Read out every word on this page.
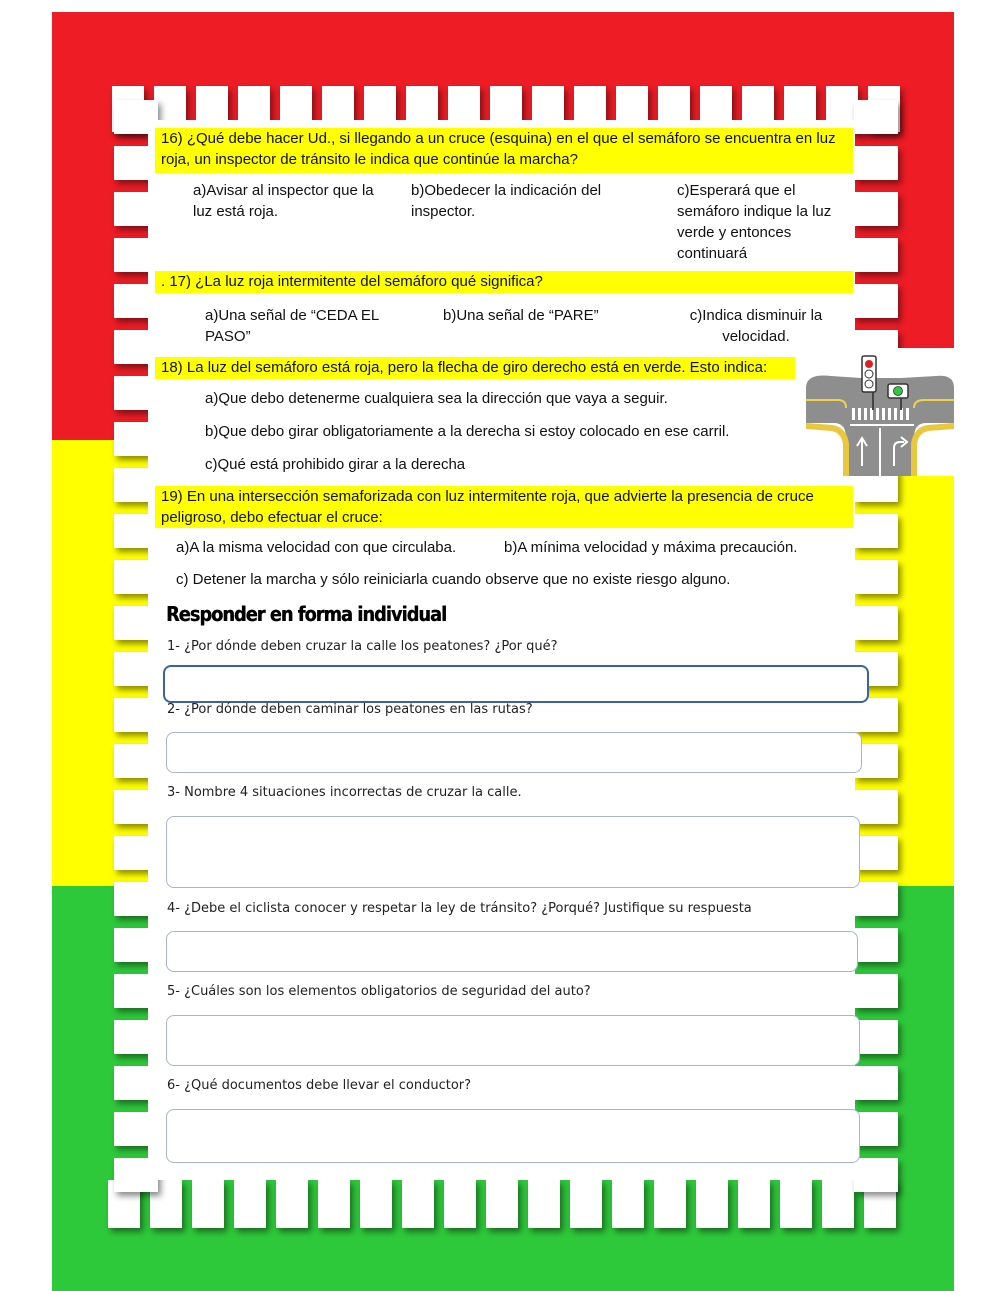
16) ¿Qué debe hacer Ud., si llegando a un cruce (esquina) en el que el semáforo se encuentra en luz roja, un inspector de tránsito le indica que continúe la marcha?
a)Avisar al inspector que la luz está roja.
b)Obedecer la indicación del inspector.
c)Esperará que el semáforo indique la luz verde y entonces continuará
. 17) ¿La luz roja intermitente del semáforo qué significa?
a)Una señal de “CEDA EL PASO”
b)Una señal de “PARE”	c)Indica disminuir la velocidad.
18) La luz del semáforo está roja, pero la flecha de giro derecho está en verde. Esto indica:
a)Que debo detenerme cualquiera sea la dirección que vaya a seguir.
b)Que debo girar obligatoriamente a la derecha si estoy colocado en ese carril.
c)Qué está prohibido girar a la derecha
19) En una intersección semaforizada con luz intermitente roja, que advierte la presencia de cruce peligroso, debo efectuar el cruce:
a)A la misma velocidad con que circulaba.	b)A mínima velocidad y máxima precaución.
c) Detener la marcha y sólo reiniciarla cuando observe que no existe riesgo alguno.
Responder en forma individual
1- ¿Por dónde deben cruzar la calle los peatones? ¿Por qué?
2- ¿Por dónde deben caminar los peatones en las rutas?
3- Nombre 4 situaciones incorrectas de cruzar la calle.
4- ¿Debe el ciclista conocer y respetar la ley de tránsito? ¿Porqué? Justifique su respuesta
5- ¿Cuáles son los elementos obligatorios de seguridad del auto?
6- ¿Qué documentos debe llevar el conductor?
